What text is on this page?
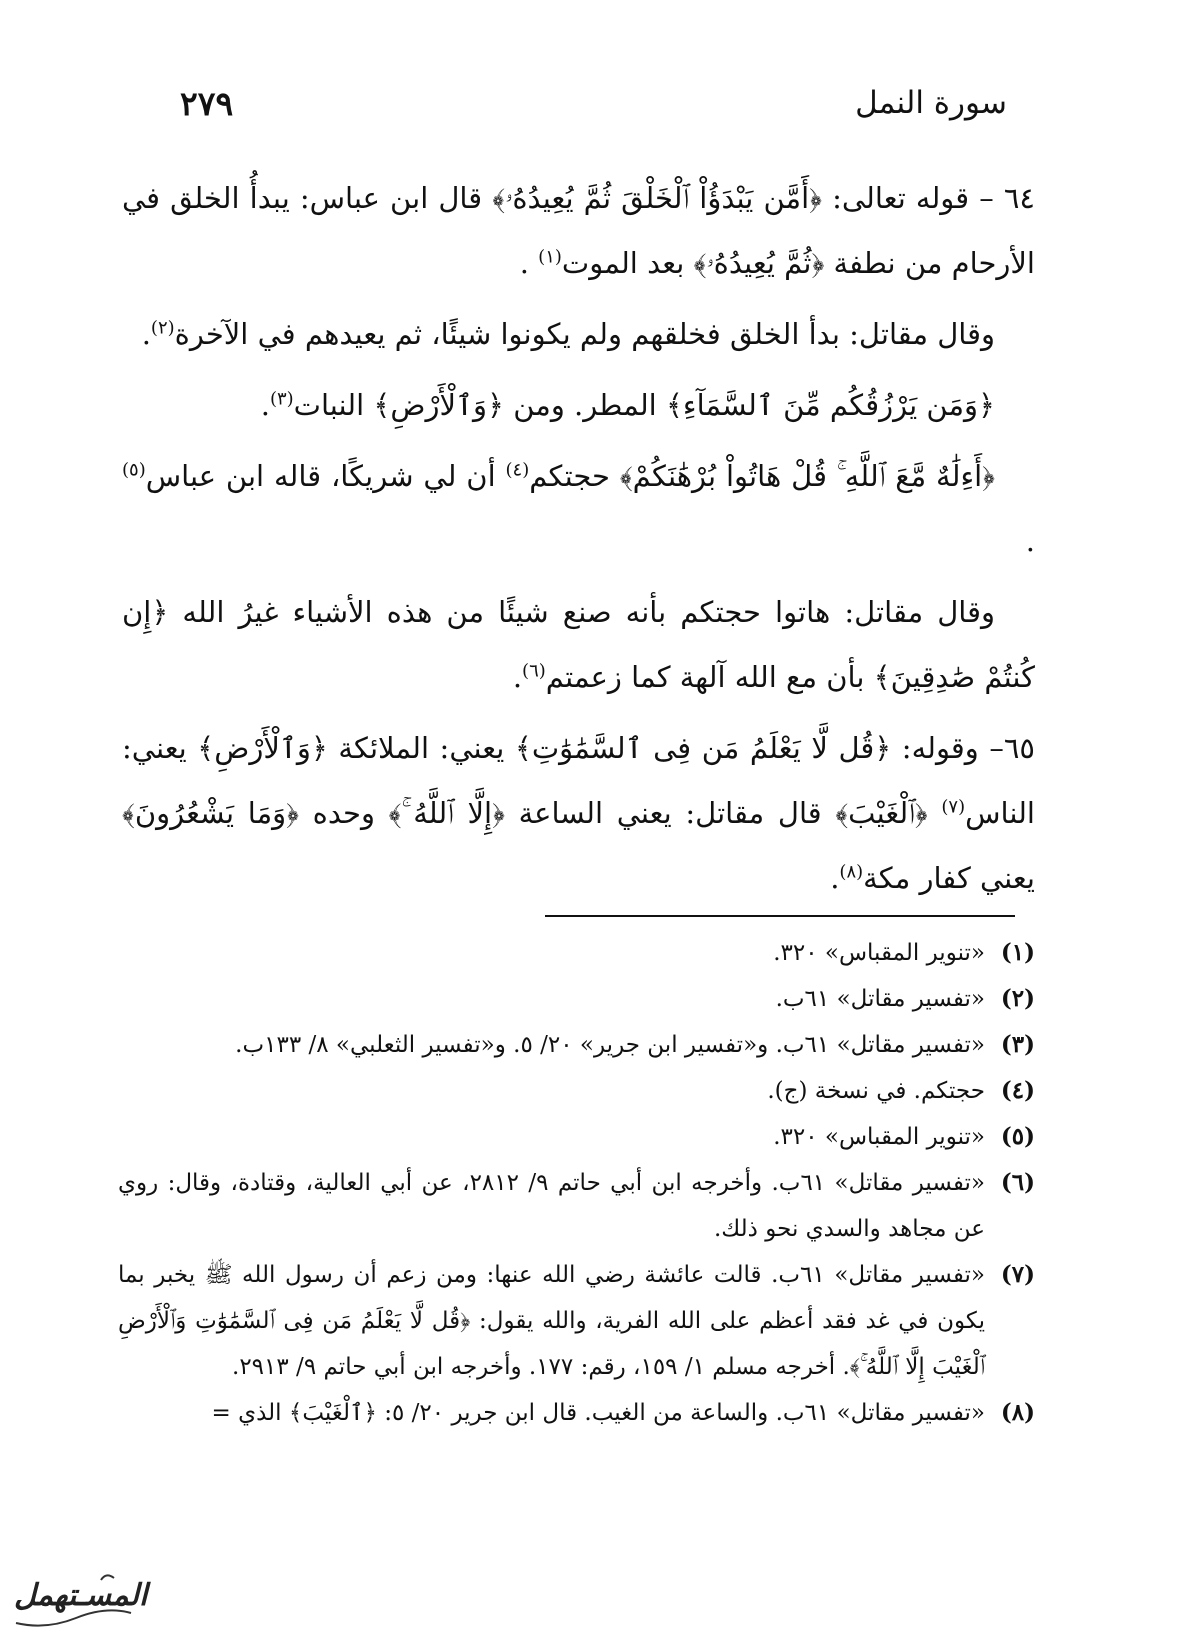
سورة النمل
٢٧٩

٦٤ – قوله تعالى: ﴿أَمَّن يَبْدَؤُاْ ٱلْخَلْقَ ثُمَّ يُعِيدُهُۥ﴾ قال ابن عباس: يبدأُ الخلق في الأرحام من نطفة ﴿ثُمَّ يُعِيدُهُۥ﴾ بعد الموت$^{(١)}$ .

وقال مقاتل: بدأ الخلق فخلقهم ولم يكونوا شيئًا، ثم يعيدهم في الآخرة$^{(٢)}$.

﴿وَمَن يَرْزُقُكُم مِّنَ ٱلسَّمَآءِ﴾ المطر. ومن ﴿وَٱلْأَرْضِ﴾ النبات$^{(٣)}$.

﴿أَءِلَٰهٌ مَّعَ ٱللَّهِ ۚ قُلْ هَاتُواْ بُرْهَٰنَكُمْ﴾ حجتكم$^{(٤)}$ أن لي شريكًا، قاله ابن عباس$^{(٥)}$ .

وقال مقاتل: هاتوا حجتكم بأنه صنع شيئًا من هذه الأشياء غيرُ الله ﴿إِن كُنتُمْ صَٰدِقِينَ﴾ بأن مع الله آلهة كما زعمتم$^{(٦)}$.

٦٥– وقوله: ﴿قُل لَّا يَعْلَمُ مَن فِى ٱلسَّمَٰوَٰتِ﴾ يعني: الملائكة ﴿وَٱلْأَرْضِ﴾ يعني: الناس$^{(٧)}$ ﴿ٱلْغَيْبَ﴾ قال مقاتل: يعني الساعة ﴿إِلَّا ٱللَّهُ ۚ﴾ وحده ﴿وَمَا يَشْعُرُونَ﴾ يعني كفار مكة$^{(٨)}$.

(١)
«تنوير المقباس» ٣٢٠.
(٢)
«تفسير مقاتل» ٦١ب.
(٣)
«تفسير مقاتل» ٦١ب. و«تفسير ابن جرير» ٢٠/ ٥. و«تفسير الثعلبي» ٨/ ١٣٣ب.
(٤)
حجتكم. في نسخة (ج).
(٥)
«تنوير المقباس» ٣٢٠.
(٦)
«تفسير مقاتل» ٦١ب. وأخرجه ابن أبي حاتم ٩/ ٢٨١٢، عن أبي العالية، وقتادة، وقال: روي عن مجاهد والسدي نحو ذلك.
(٧)
«تفسير مقاتل» ٦١ب. قالت عائشة رضي الله عنها: ومن زعم أن رسول الله ﷺ يخبر بما يكون في غد فقد أعظم على الله الفرية، والله يقول: ﴿قُل لَّا يَعْلَمُ مَن فِى ٱلسَّمَٰوَٰتِ وَٱلْأَرْضِ ٱلْغَيْبَ إِلَّا ٱللَّهُ ۚ﴾. أخرجه مسلم ١/ ١٥٩، رقم: ١٧٧. وأخرجه ابن أبي حاتم ٩/ ٢٩١٣.
(٨)
«تفسير مقاتل» ٦١ب. والساعة من الغيب. قال ابن جرير ٢٠/ ٥: ﴿ٱلْغَيْبَ﴾ الذي =
المسـتهمل
